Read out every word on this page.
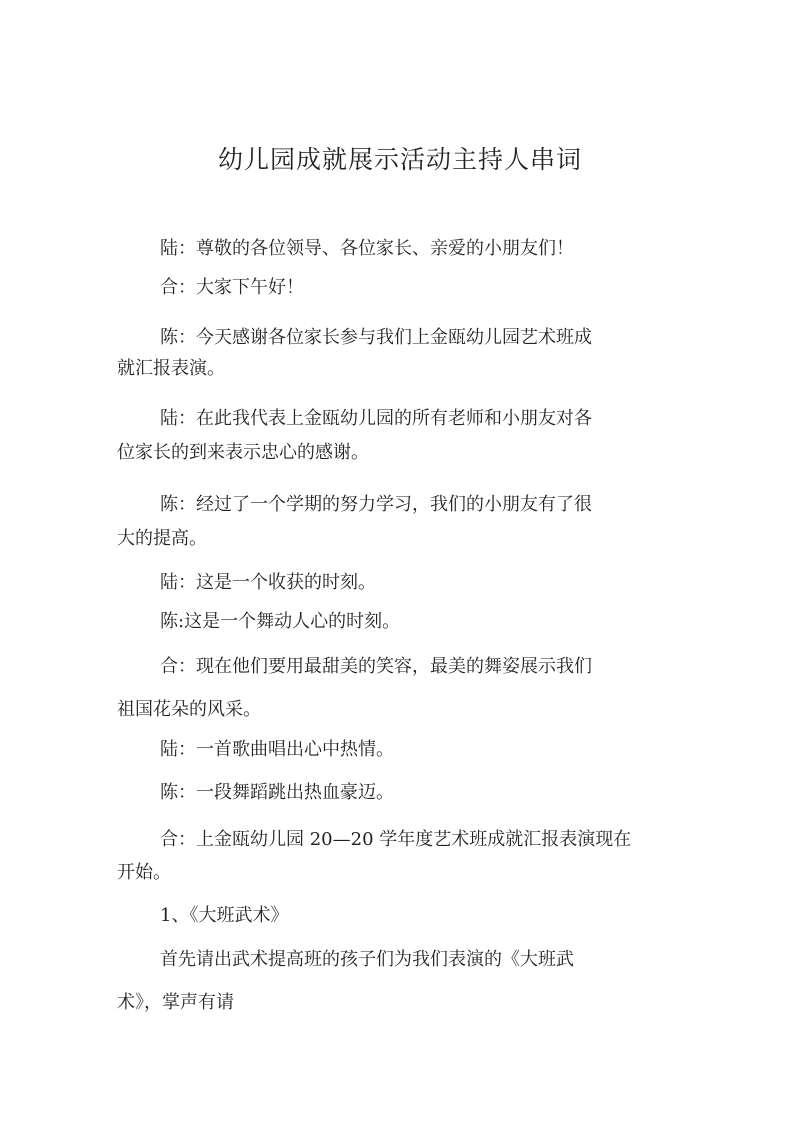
幼儿园成就展示活动主持人串词
陆：尊敬的各位领导、各位家长、亲爱的小朋友们！
合：大家下午好！
陈：今天感谢各位家长参与我们上金瓯幼儿园艺术班成
就汇报表演。
陆：在此我代表上金瓯幼儿园的所有老师和小朋友对各
位家长的到来表示忠心的感谢。
陈：经过了一个学期的努力学习，我们的小朋友有了很
大的提高。
陆：这是一个收获的时刻。
陈:这是一个舞动人心的时刻。
合：现在他们要用最甜美的笑容，最美的舞姿展示我们
祖国花朵的风采。
陆：一首歌曲唱出心中热情。
陈：一段舞蹈跳出热血豪迈。
合：上金瓯幼儿园 20—20 学年度艺术班成就汇报表演现在
开始。
1、《大班武术》
首先请出武术提高班的孩子们为我们表演的《大班武
术》，掌声有请
